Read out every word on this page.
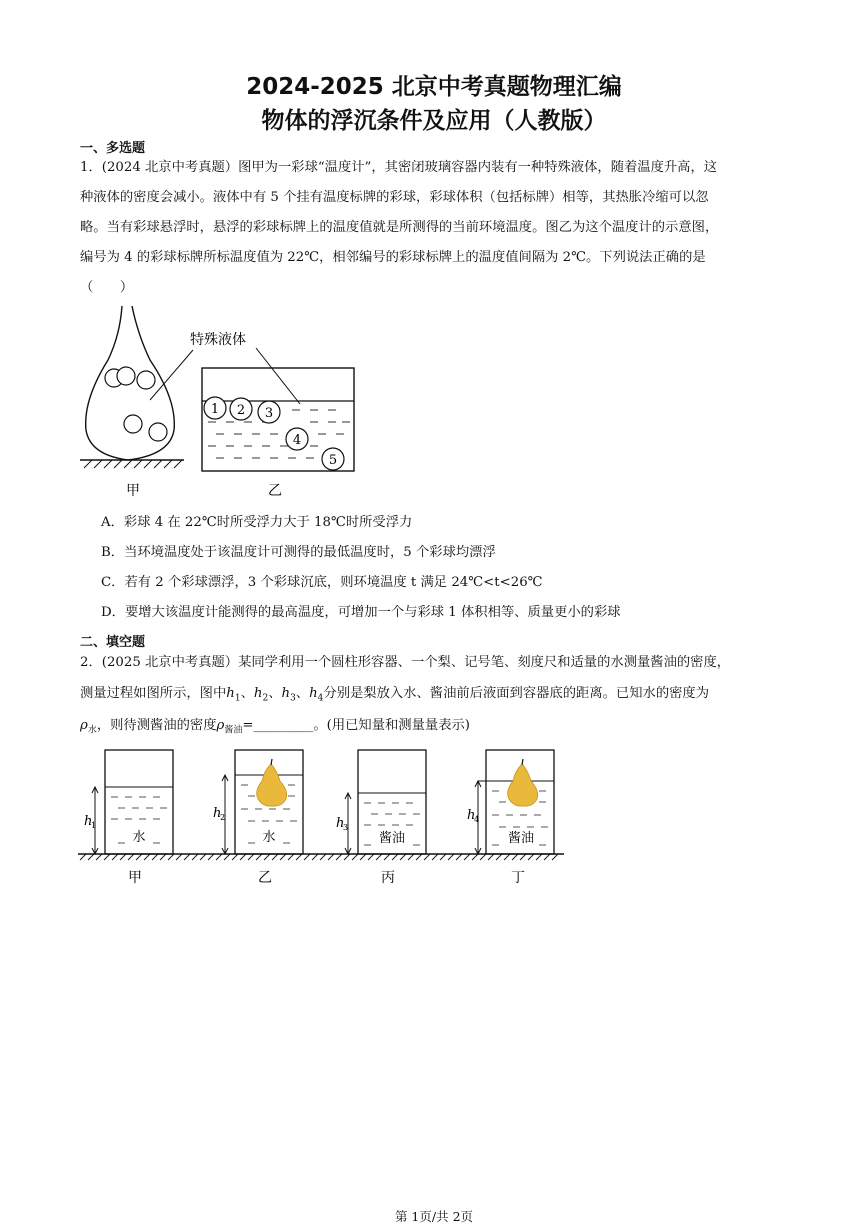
2024-2025 北京中考真题物理汇编
物体的浮沉条件及应用（人教版）
一、多选题
1．(2024 北京中考真题）图甲为一彩球“温度计”，其密闭玻璃容器内装有一种特殊液体，随着温度升高，这
种液体的密度会减小。液体中有 5 个挂有温度标牌的彩球，彩球体积（包括标牌）相等，其热胀冷缩可以忽
略。当有彩球悬浮时，悬浮的彩球标牌上的温度值就是所测得的当前环境温度。图乙为这个温度计的示意图，
编号为 4 的彩球标牌所标温度值为 22℃，相邻编号的彩球标牌上的温度值间隔为 2℃。下列说法正确的是
（　　）
特殊液体
1 2 3
4
5
甲	乙
A．彩球 4 在 22℃时所受浮力大于 18℃时所受浮力
B．当环境温度处于该温度计可测得的最低温度时，5 个彩球均漂浮
C．若有 2 个彩球漂浮，3 个彩球沉底，则环境温度 t 满足 24℃<t<26℃
D．要增大该温度计能测得的最高温度，可增加一个与彩球 1 体积相等、质量更小的彩球
二、填空题
2．(2025 北京中考真题）某同学利用一个圆柱形容器、一个梨、记号笔、刻度尺和适量的水测量酱油的密度，
测量过程如图所示，图中$h_1$、$h_2$、$h_3$、$h_4$分别是梨放入水、酱油前后液面到容器底的距离。已知水的密度为
$\rho_水$，则待测酱油的密度$\rho_{酱油}=\_\_\_\_\_\_\_\_\_$。(用已知量和测量量表示)
h
1
水
甲
h
2
水
乙
h
3
酱油
丙
h
4
酱油
丁
第 1页/共 2页
